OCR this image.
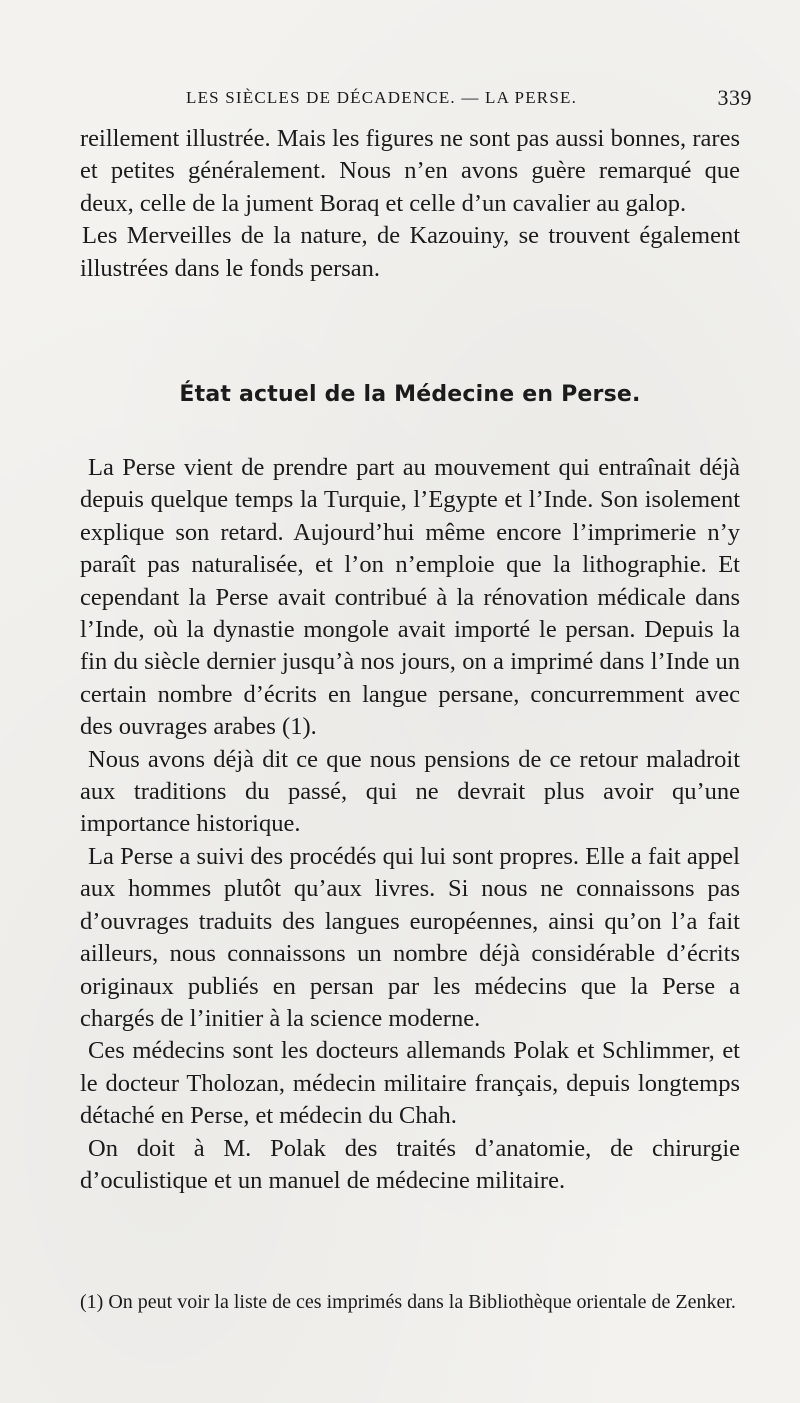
LES SIÈCLES DE DÉCADENCE. — LA PERSE.	339

reillement illustrée. Mais les figures ne sont pas aussi bonnes, rares et petites généralement. Nous n’en avons guère remarqué que deux, celle de la jument Boraq et celle d’un cavalier au galop.

Les Merveilles de la nature, de Kazouiny, se trouvent également illustrées dans le fonds persan.

État actuel de la Médecine en Perse.

La Perse vient de prendre part au mouvement qui entraînait déjà depuis quelque temps la Turquie, l’Egypte et l’Inde. Son isolement explique son retard. Aujourd’hui même encore l’imprimerie n’y paraît pas naturalisée, et l’on n’emploie que la lithographie. Et cependant la Perse avait contribué à la rénovation médicale dans l’Inde, où la dynastie mongole avait importé le persan. Depuis la fin du siècle dernier jusqu’à nos jours, on a imprimé dans l’Inde un certain nombre d’écrits en langue persane, concurremment avec des ouvrages arabes (1).

Nous avons déjà dit ce que nous pensions de ce retour maladroit aux traditions du passé, qui ne devrait plus avoir qu’une importance historique.

La Perse a suivi des procédés qui lui sont propres. Elle a fait appel aux hommes plutôt qu’aux livres. Si nous ne connaissons pas d’ouvrages traduits des langues européennes, ainsi qu’on l’a fait ailleurs, nous connaissons un nombre déjà considérable d’écrits originaux publiés en persan par les médecins que la Perse a chargés de l’initier à la science moderne.

Ces médecins sont les docteurs allemands Polak et Schlimmer, et le docteur Tholozan, médecin militaire français, depuis longtemps détaché en Perse, et médecin du Chah.

On doit à M. Polak des traités d’anatomie, de chirurgie d’oculistique et un manuel de médecine militaire.

(1) On peut voir la liste de ces imprimés dans la Bibliothèque orientale de Zenker.
